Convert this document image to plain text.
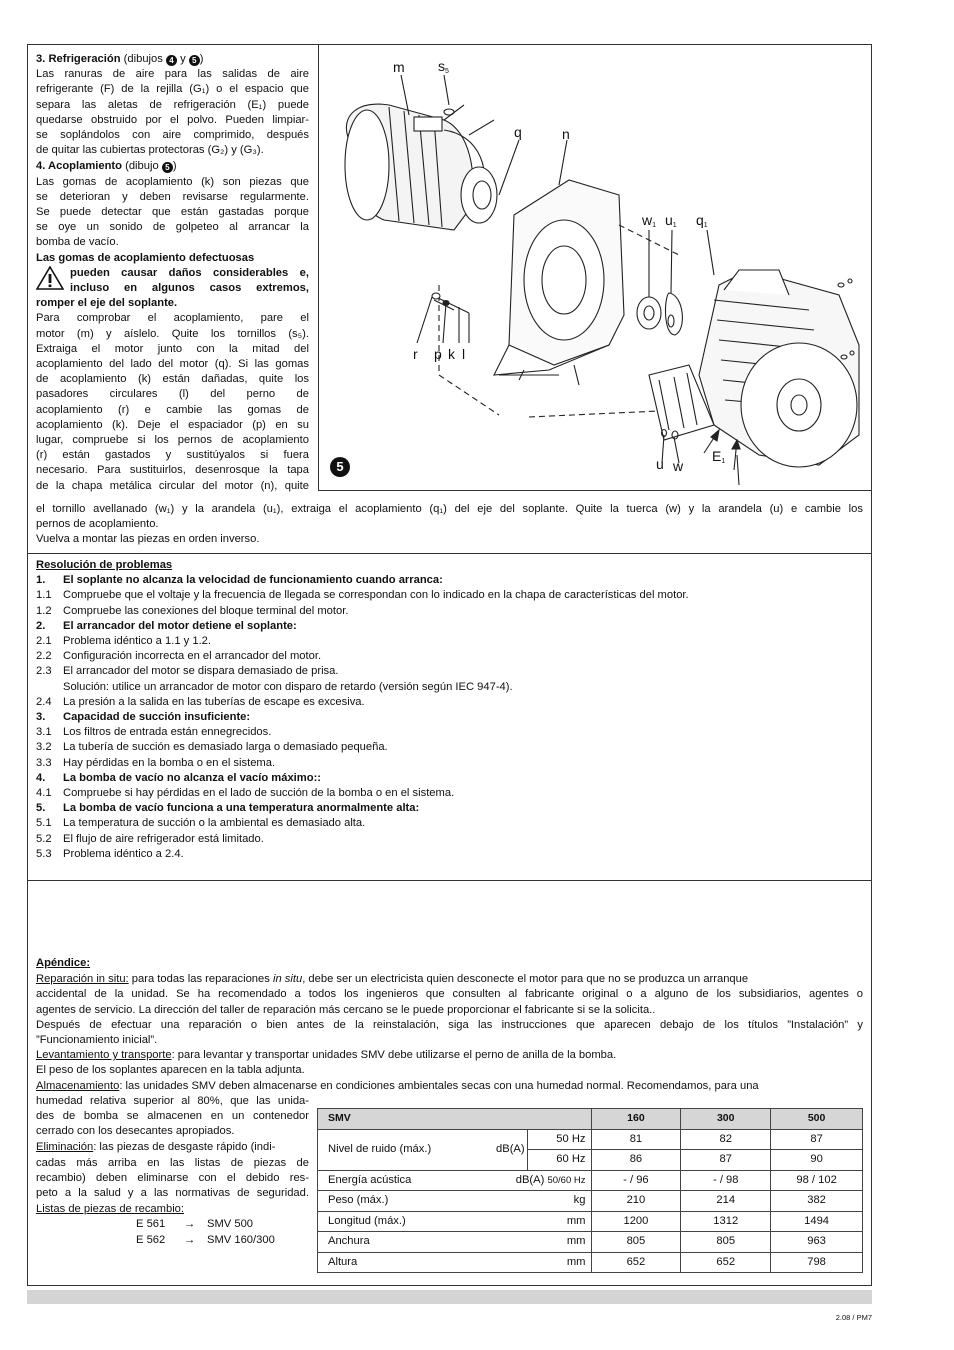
3. Refrigeración (dibujos 4 y 5 )

Las ranuras de aire para las salidas de aire

refrigerante (F) de la rejilla (G₁) o el espacio que

separa las aletas de refrigeración (E₁) puede

quedarse obstruido por el polvo. Pueden limpiar-

se soplándolos con aire comprimido, después

de quitar las cubiertas protectoras (G₂) y (G₃).

4. Acoplamiento (dibujo 5 )

Las gomas de acoplamiento (k) son piezas que

se deterioran y deben revisarse regularmente.

Se puede detectar que están gastadas porque

se oye un sonido de golpeteo al arrancar la

bomba de vacío.

Las gomas de acoplamiento defectuosas

pueden causar daños considerables e,

incluso en algunos casos extremos,

romper el eje del soplante.

Para comprobar el acoplamiento, pare el

motor (m) y aíslelo. Quite los tornillos (s₅).

Extraiga el motor junto con la mitad del

acoplamiento del lado del motor (q). Si las gomas

de acoplamiento (k) están dañadas, quite los

pasadores circulares (l) del perno de

acoplamiento (r) e cambie las gomas de

acoplamiento (k). Deje el espaciador (p) en su

lugar, compruebe si los pernos de acoplamiento

(r) están gastados y sustitúyalos si fuera

necesario. Para sustituirlos, desenrosque la tapa

de la chapa metálica circular del motor (n), quite

el tornillo avellanado (w₁) y la arandela (u₁), extraiga el acoplamiento (q₁) del eje del soplante. Quite la tuerca (w) y la arandela (u) e cambie los

pernos de acoplamiento.

Vuelva a montar las piezas en orden inverso.

m $s_5$
q	n
$w_1$ $u_1$ $q_1$
r p k l
u w
$E_1$
5

Resolución de problemas

1. El soplante no alcanza la velocidad de funcionamiento cuando arranca:
1.1 Compruebe que el voltaje y la frecuencia de llegada se correspondan con lo indicado en la chapa de características del motor.
1.2 Compruebe las conexiones del bloque terminal del motor.
2. El arrancador del motor detiene el soplante:
2.1 Problema idéntico a 1.1 y 1.2.
2.2 Configuración incorrecta en el arrancador del motor.
2.3 El arrancador del motor se dispara demasiado de prisa.
Solución: utilice un arrancador de motor con disparo de retardo (versión según IEC 947-4).
2.4 La presión a la salida en las tuberías de escape es excesiva.
3. Capacidad de succión insuficiente:
3.1 Los filtros de entrada están ennegrecidos.
3.2 La tubería de succión es demasiado larga o demasiado pequeña.
3.3 Hay pérdidas en la bomba o en el sistema.
4. La bomba de vacío no alcanza el vacío máximo::
4.1 Compruebe si hay pérdidas en el lado de succión de la bomba o en el sistema.
5. La bomba de vacío funciona a una temperatura anormalmente alta:
5.1 La temperatura de succión o la ambiental es demasiado alta.
5.2 El flujo de aire refrigerador está limitado.
5.3 Problema idéntico a 2.4.

Apéndice:

Reparación in situ: para todas las reparaciones in situ, debe ser un electricista quien desconecte el motor para que no se produzca un arranque

accidental de la unidad. Se ha recomendado a todos los ingenieros que consulten al fabricante original o a alguno de los subsidiarios, agentes o

agentes de servicio. La dirección del taller de reparación más cercano se le puede proporcionar el fabricante si se la solicita..

Después de efectuar una reparación o bien antes de la reinstalación, siga las instrucciones que aparecen debajo de los títulos ”Instalación” y

”Funcionamiento inicial”.

Levantamiento y transporte: para levantar y transportar unidades SMV debe utilizarse el perno de anilla de la bomba.

El peso de los soplantes aparecen en la tabla adjunta.

Almacenamiento: las unidades SMV deben almacenarse en condiciones ambientales secas con una humedad normal. Recomendamos, para una

humedad relativa superior al 80%, que las unida-

des de bomba se almacenen en un contenedor

cerrado con los desecantes apropiados.

Eliminación: las piezas de desgaste rápido (indi-

cadas más arriba en las listas de piezas de

recambio) deben eliminarse con el debido res-

peto a la salud y a las normativas de seguridad.

Listas de piezas de recambio:

E 561 → SMV 500
E 562 → SMV 160/300
SMV			160	300	500
Nivel de ruido (máx.)	dB(A)	50 Hz	81	82	87
		60 Hz	86	87	90
Energía acústica	dB(A) 50/60 Hz		- / 96	- / 98	98 / 102
Peso (máx.)	kg		210	214	382
Longitud (máx.)	mm		1200	1312	1494
Anchura	mm		805	805	963
Altura	mm		652	652	798
2.08 / PM7
